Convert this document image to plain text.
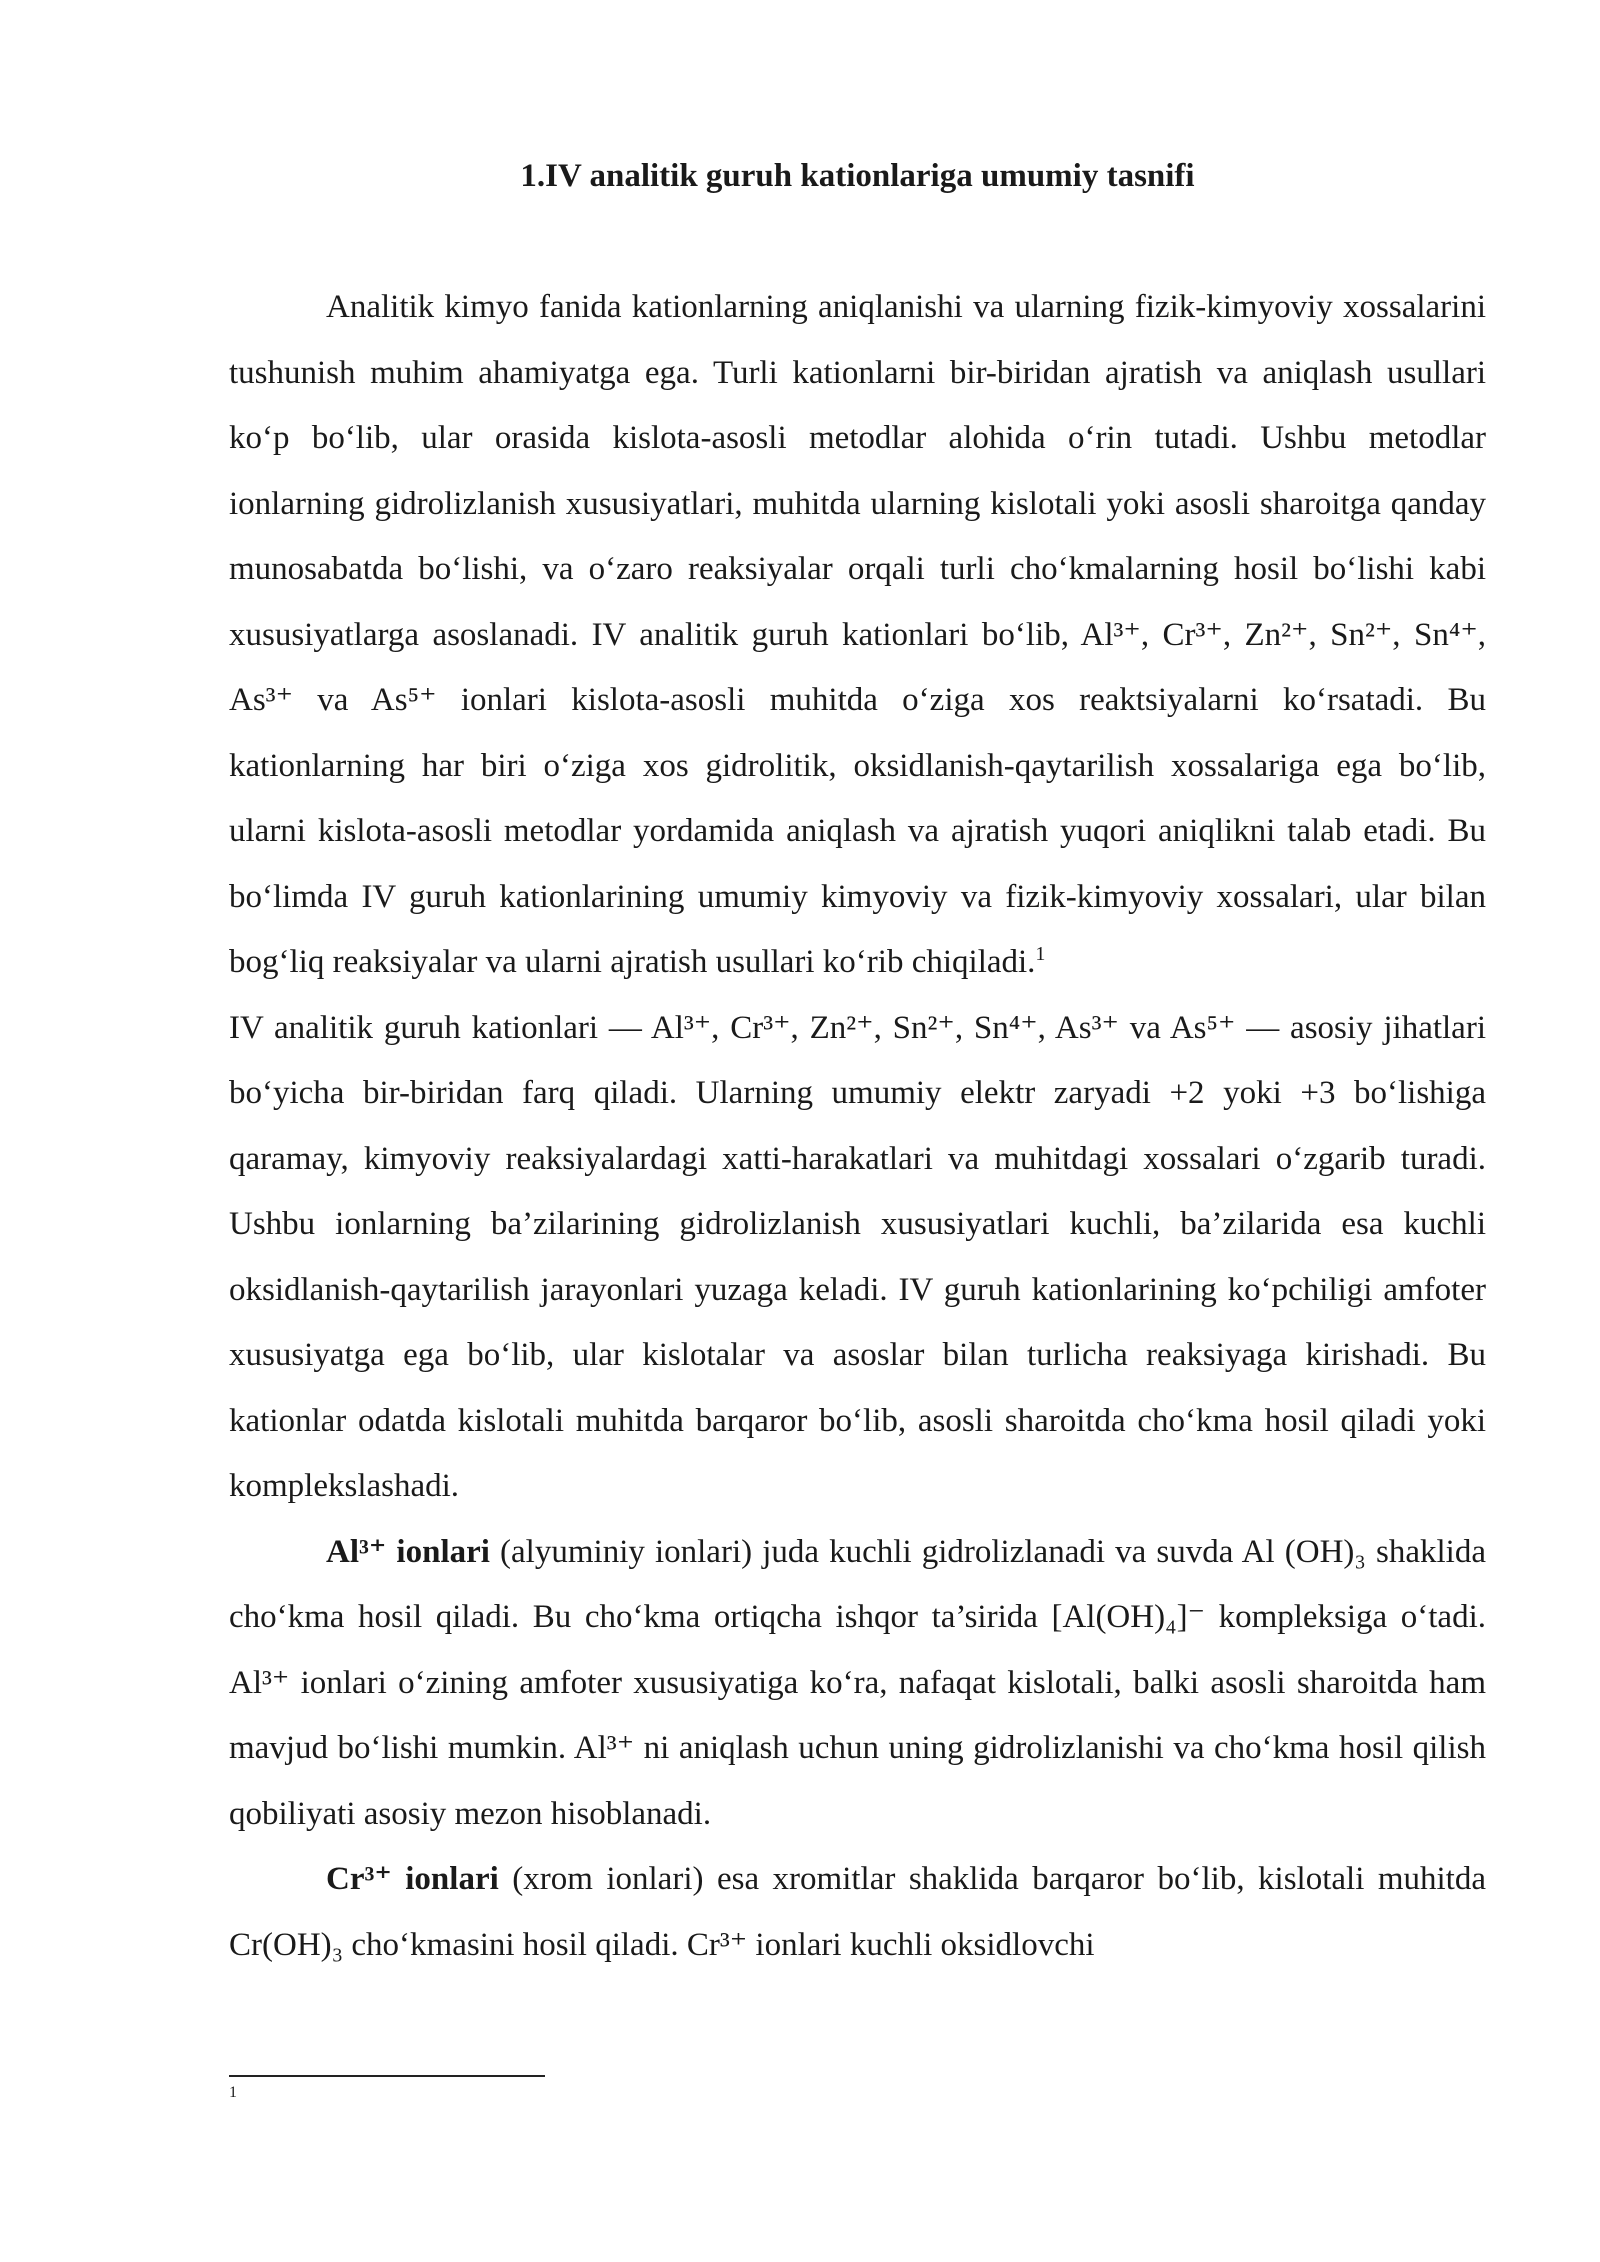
1.IV analitik guruh kationlariga umumiy tasnifi

Analitik kimyo fanida kationlarning aniqlanishi va ularning fizik-kimyoviy xossalarini tushunish muhim ahamiyatga ega. Turli kationlarni bir-biridan ajratish va aniqlash usullari ko‘p bo‘lib, ular orasida kislota-asosli metodlar alohida o‘rin tutadi. Ushbu metodlar ionlarning gidrolizlanish xususiyatlari, muhitda ularning kislotali yoki asosli sharoitga qanday munosabatda bo‘lishi, va o‘zaro reaksiyalar orqali turli cho‘kmalarning hosil bo‘lishi kabi xususiyatlarga asoslanadi. IV analitik guruh kationlari bo‘lib, Al³⁺, Cr³⁺, Zn²⁺, Sn²⁺, Sn⁴⁺, As³⁺ va As⁵⁺ ionlari kislota-asosli muhitda o‘ziga xos reaktsiyalarni ko‘rsatadi. Bu kationlarning har biri o‘ziga xos gidrolitik, oksidlanish-qaytarilish xossalariga ega bo‘lib, ularni kislota-asosli metodlar yordamida aniqlash va ajratish yuqori aniqlikni talab etadi. Bu bo‘limda IV guruh kationlarining umumiy kimyoviy va fizik-kimyoviy xossalari, ular bilan bog‘liq reaksiyalar va ularni ajratish usullari ko‘rib chiqiladi.$^1$

IV analitik guruh kationlari — Al³⁺, Cr³⁺, Zn²⁺, Sn²⁺, Sn⁴⁺, As³⁺ va As⁵⁺ — asosiy jihatlari bo‘yicha bir-biridan farq qiladi. Ularning umumiy elektr zaryadi +2 yoki +3 bo‘lishiga qaramay, kimyoviy reaksiyalardagi xatti-harakatlari va muhitdagi xossalari o‘zgarib turadi. Ushbu ionlarning ba’zilarining gidrolizlanish xususiyatlari kuchli, ba’zilarida esa kuchli oksidlanish-qaytarilish jarayonlari yuzaga keladi. IV guruh kationlarining ko‘pchiligi amfoter xususiyatga ega bo‘lib, ular kislotalar va asoslar bilan turlicha reaksiyaga kirishadi. Bu kationlar odatda kislotali muhitda barqaror bo‘lib, asosli sharoitda cho‘kma hosil qiladi yoki komplekslashadi.

Al³⁺ ionlari (alyuminiy ionlari) juda kuchli gidrolizlanadi va suvda Al (OH)₃ shaklida cho‘kma hosil qiladi. Bu cho‘kma ortiqcha ishqor ta’sirida [Al(OH)₄]⁻ kompleksiga o‘tadi. Al³⁺ ionlari o‘zining amfoter xususiyatiga ko‘ra, nafaqat kislotali, balki asosli sharoitda ham mavjud bo‘lishi mumkin. Al³⁺ ni aniqlash uchun uning gidrolizlanishi va cho‘kma hosil qilish qobiliyati asosiy mezon hisoblanadi.

Cr³⁺ ionlari (xrom ionlari) esa xromitlar shaklida barqaror bo‘lib, kislotali muhitda Cr(OH)₃ cho‘kmasini hosil qiladi. Cr³⁺ ionlari kuchli oksidlovchi

1
